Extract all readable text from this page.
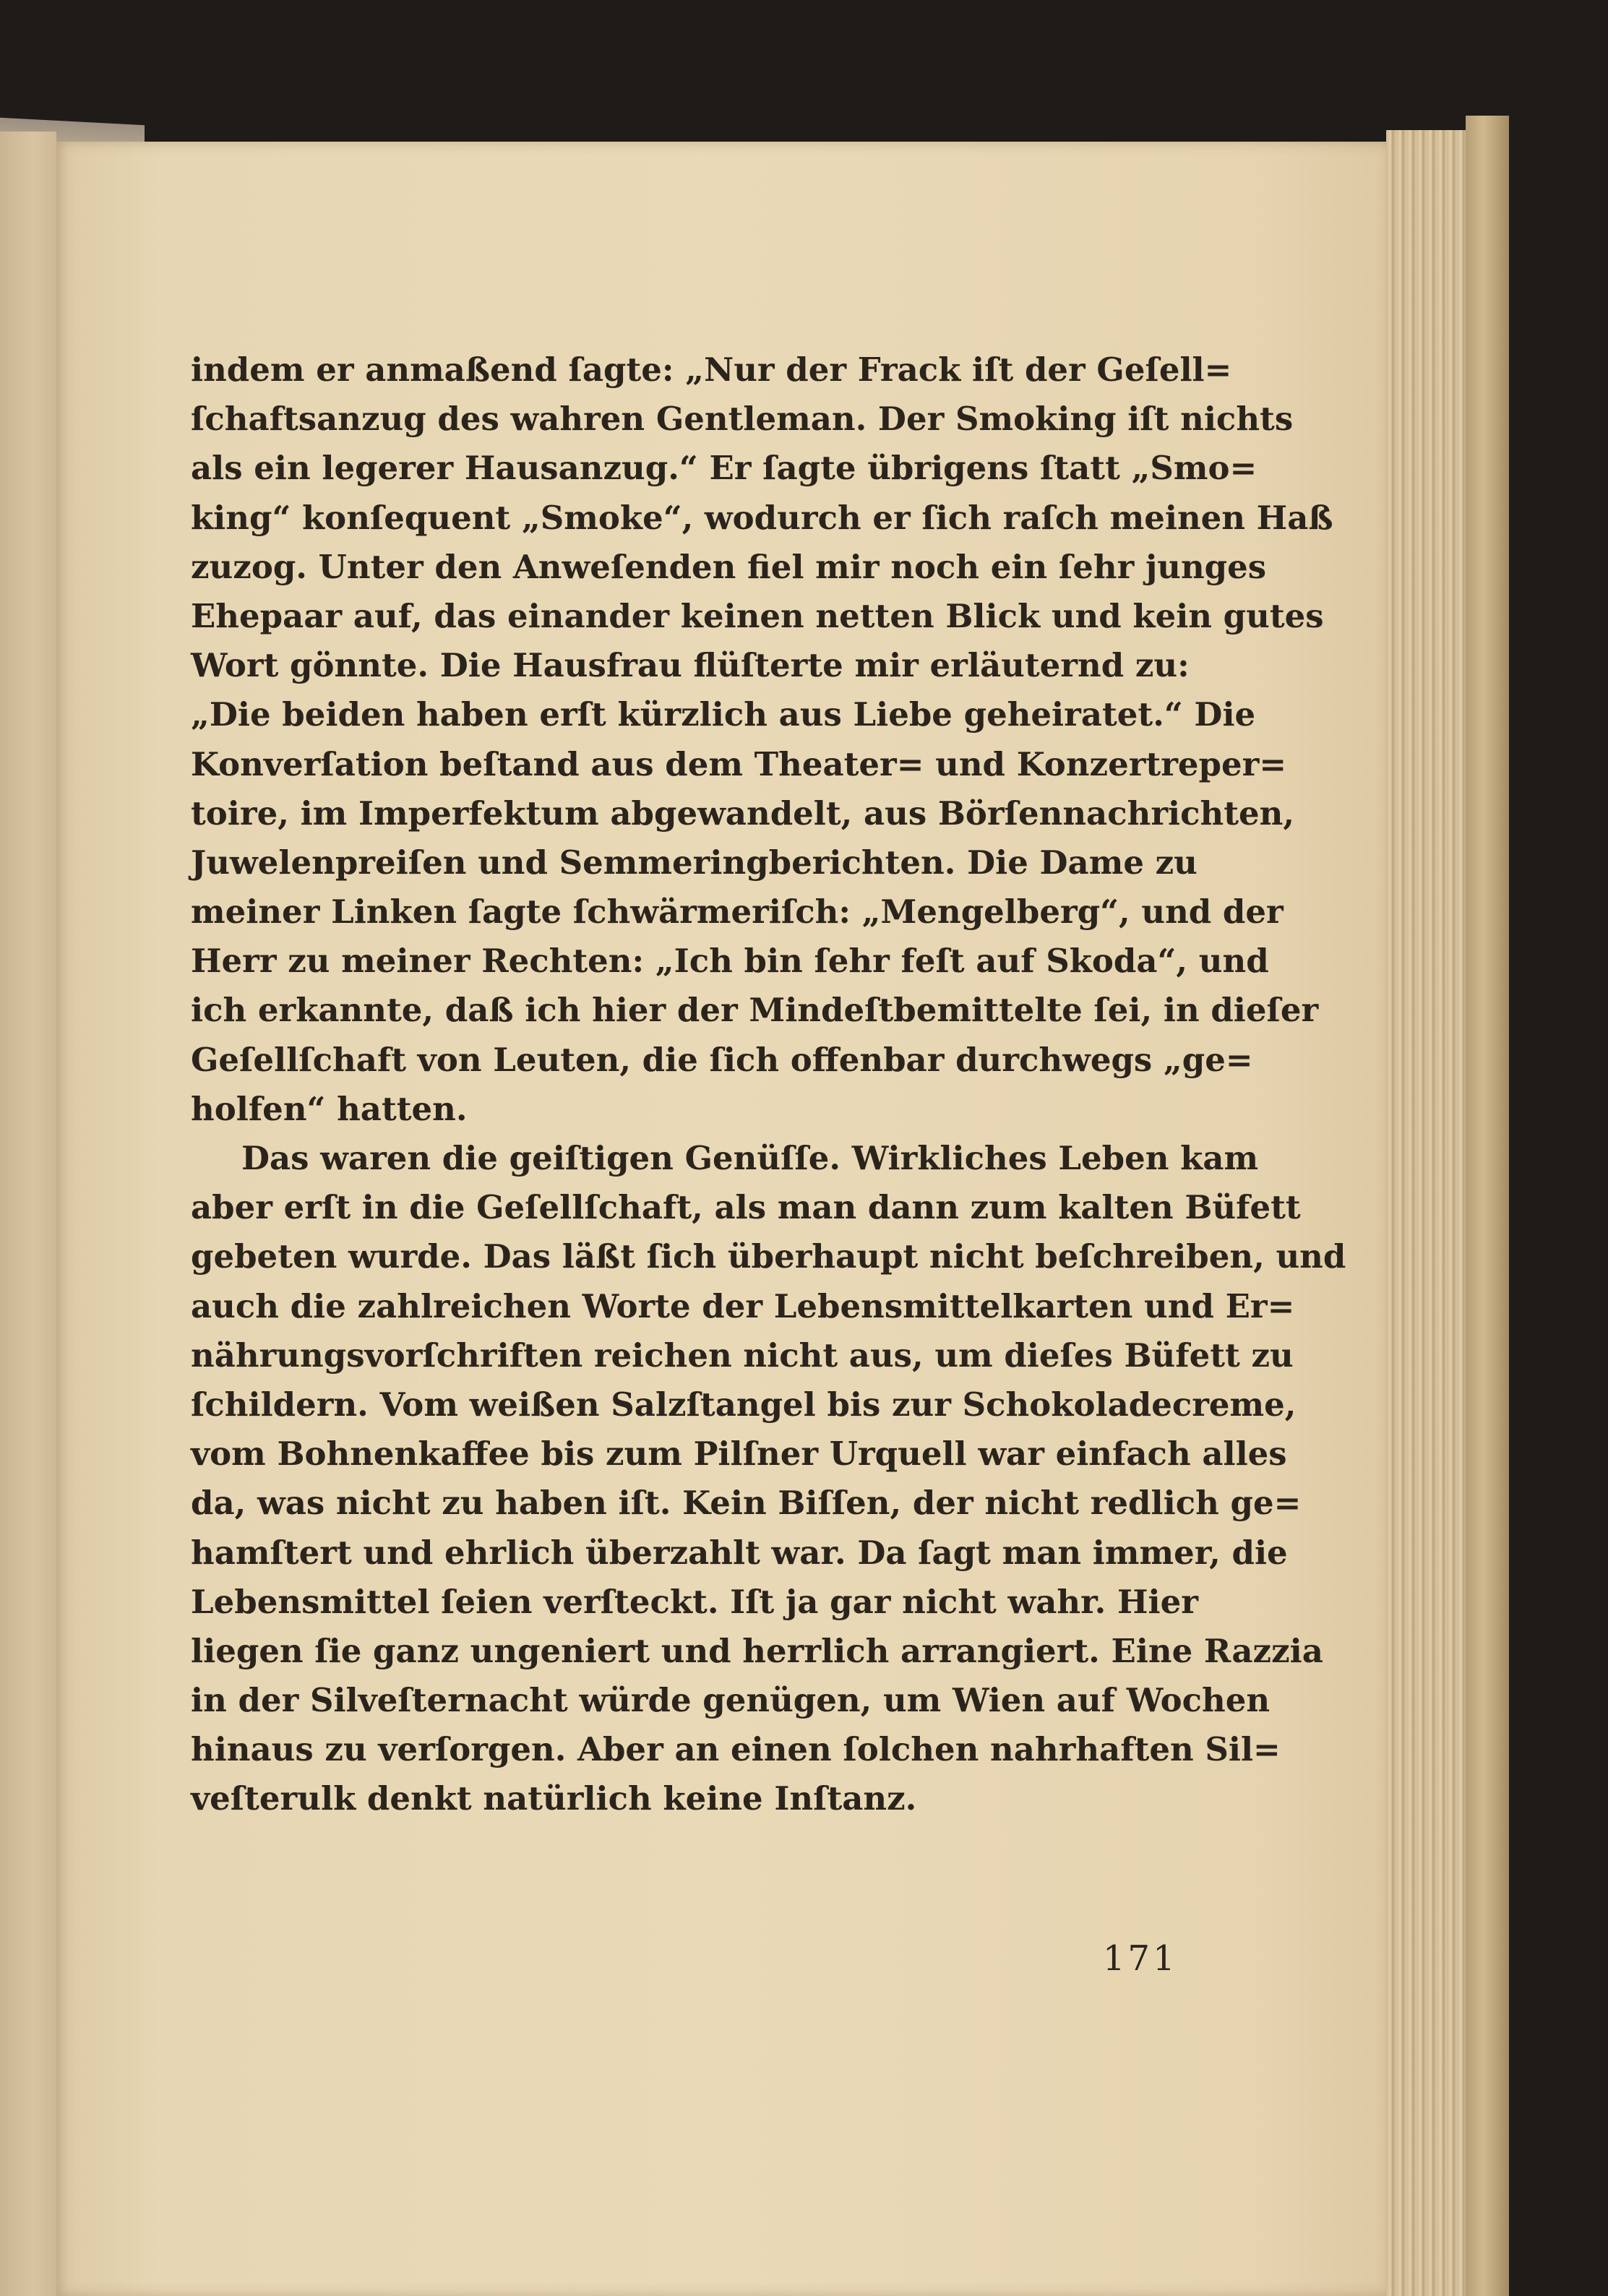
indem er anmaßend ſagte: „Nur der Frack iſt der Geſell=
ſchaftsanzug des wahren Gentleman. Der Smoking iſt nichts
als ein legerer Hausanzug.“ Er ſagte übrigens ſtatt „Smo=
king“ konſequent „Smoke“, wodurch er ſich raſch meinen Haß
zuzog. Unter den Anweſenden fiel mir noch ein ſehr junges
Ehepaar auf, das einander keinen netten Blick und kein gutes
Wort gönnte. Die Hausfrau flüſterte mir erläuternd zu:
„Die beiden haben erſt kürzlich aus Liebe geheiratet.“ Die
Konverſation beſtand aus dem Theater= und Konzertreper=
toire, im Imperfektum abgewandelt, aus Börſennachrichten,
Juwelenpreiſen und Semmeringberichten. Die Dame zu
meiner Linken ſagte ſchwärmeriſch: „Mengelberg“, und der
Herr zu meiner Rechten: „Ich bin ſehr feſt auf Skoda“, und
ich erkannte, daß ich hier der Mindeſtbemittelte ſei, in dieſer
Geſellſchaft von Leuten, die ſich offenbar durchwegs „ge=
holfen“ hatten.
Das waren die geiſtigen Genüſſe. Wirkliches Leben kam
aber erſt in die Geſellſchaft, als man dann zum kalten Büfett
gebeten wurde. Das läßt ſich überhaupt nicht beſchreiben, und
auch die zahlreichen Worte der Lebensmittelkarten und Er=
nährungsvorſchriften reichen nicht aus, um dieſes Büfett zu
ſchildern. Vom weißen Salzſtangel bis zur Schokoladecreme,
vom Bohnenkaffee bis zum Pilſner Urquell war einfach alles
da, was nicht zu haben iſt. Kein Biſſen, der nicht redlich ge=
hamſtert und ehrlich überzahlt war. Da ſagt man immer, die
Lebensmittel ſeien verſteckt. Iſt ja gar nicht wahr. Hier
liegen ſie ganz ungeniert und herrlich arrangiert. Eine Razzia
in der Silveſternacht würde genügen, um Wien auf Wochen
hinaus zu verſorgen. Aber an einen ſolchen nahrhaften Sil=
veſterulk denkt natürlich keine Inſtanz.
171
